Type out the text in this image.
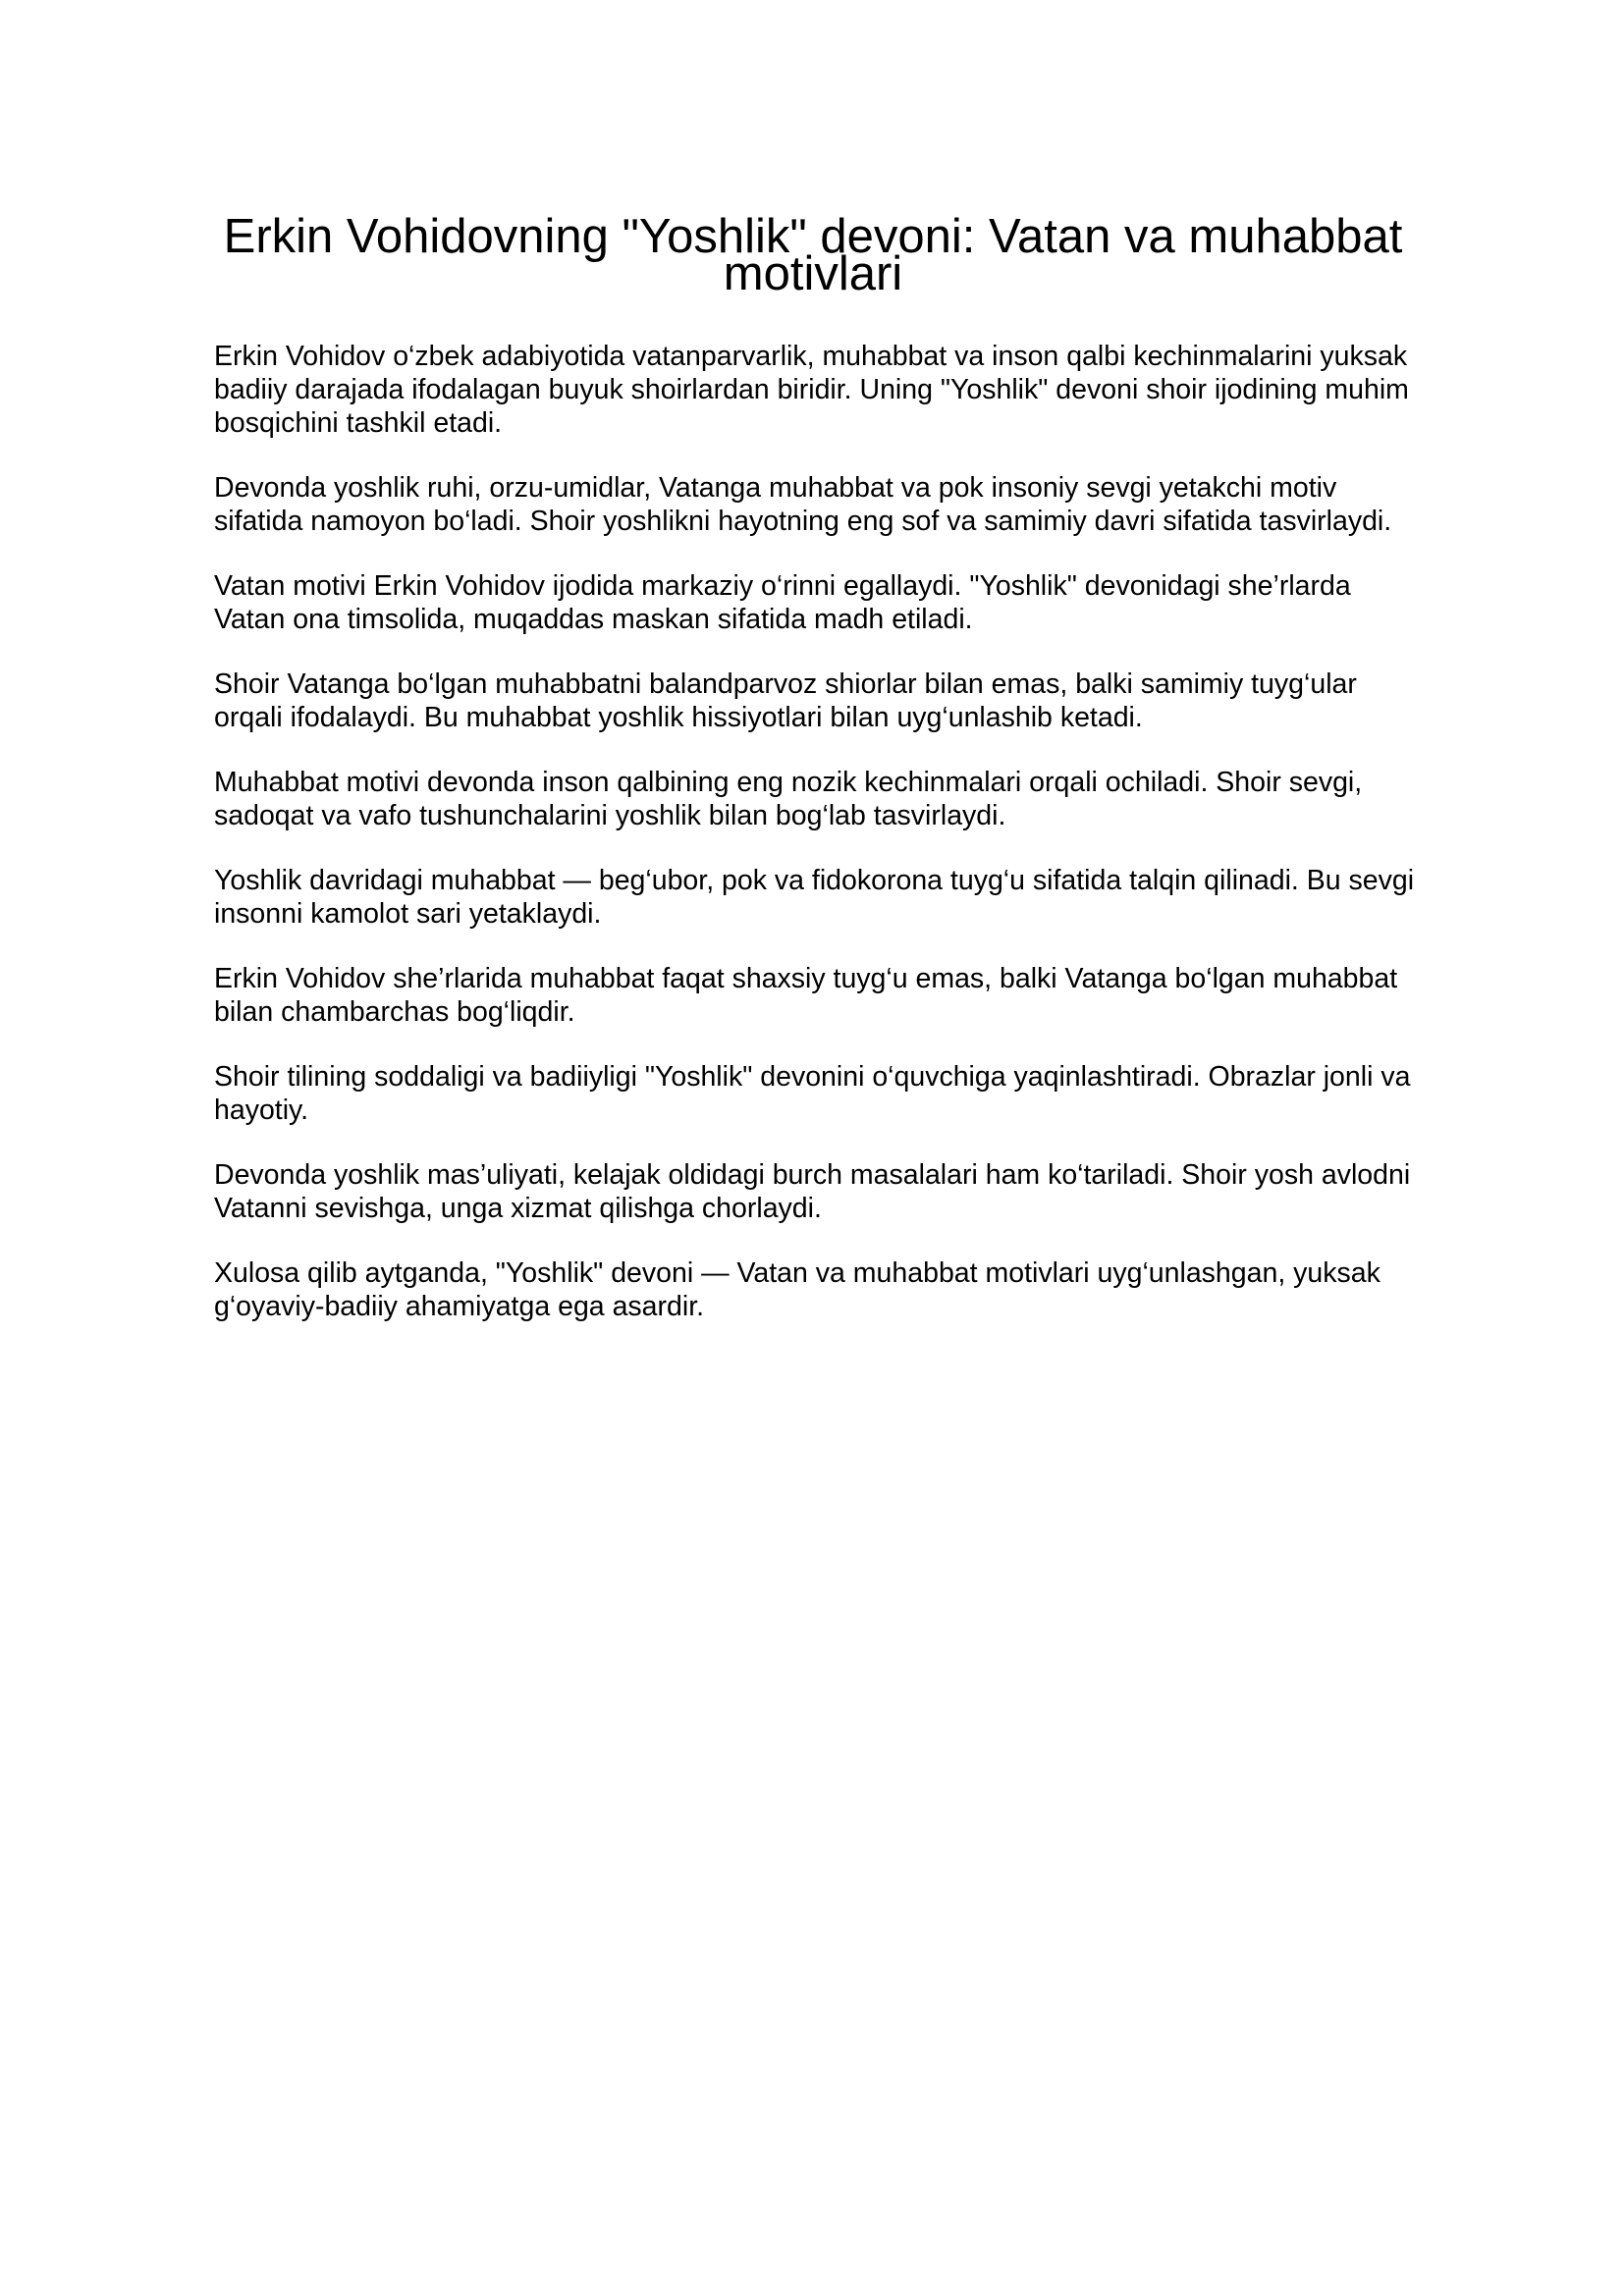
Erkin Vohidovning "Yoshlik" devoni: Vatan va muhabbat motivlari

Erkin Vohidov o‘zbek adabiyotida vatanparvarlik, muhabbat va inson qalbi kechinmalarini yuksak badiiy darajada ifodalagan buyuk shoirlardan biridir. Uning "Yoshlik" devoni shoir ijodining muhim bosqichini tashkil etadi.

Devonda yoshlik ruhi, orzu-umidlar, Vatanga muhabbat va pok insoniy sevgi yetakchi motiv sifatida namoyon bo‘ladi. Shoir yoshlikni hayotning eng sof va samimiy davri sifatida tasvirlaydi.

Vatan motivi Erkin Vohidov ijodida markaziy o‘rinni egallaydi. "Yoshlik" devonidagi she’rlarda Vatan ona timsolida, muqaddas maskan sifatida madh etiladi.

Shoir Vatanga bo‘lgan muhabbatni balandparvoz shiorlar bilan emas, balki samimiy tuyg‘ular orqali ifodalaydi. Bu muhabbat yoshlik hissiyotlari bilan uyg‘unlashib ketadi.

Muhabbat motivi devonda inson qalbining eng nozik kechinmalari orqali ochiladi. Shoir sevgi, sadoqat va vafo tushunchalarini yoshlik bilan bog‘lab tasvirlaydi.

Yoshlik davridagi muhabbat — beg‘ubor, pok va fidokorona tuyg‘u sifatida talqin qilinadi. Bu sevgi insonni kamolot sari yetaklaydi.

Erkin Vohidov she’rlarida muhabbat faqat shaxsiy tuyg‘u emas, balki Vatanga bo‘lgan muhabbat bilan chambarchas bog‘liqdir.

Shoir tilining soddaligi va badiiyligi "Yoshlik" devonini o‘quvchiga yaqinlashtiradi. Obrazlar jonli va hayotiy.

Devonda yoshlik mas’uliyati, kelajak oldidagi burch masalalari ham ko‘tariladi. Shoir yosh avlodni Vatanni sevishga, unga xizmat qilishga chorlaydi.

Xulosa qilib aytganda, "Yoshlik" devoni — Vatan va muhabbat motivlari uyg‘unlashgan, yuksak g‘oyaviy-badiiy ahamiyatga ega asardir.
